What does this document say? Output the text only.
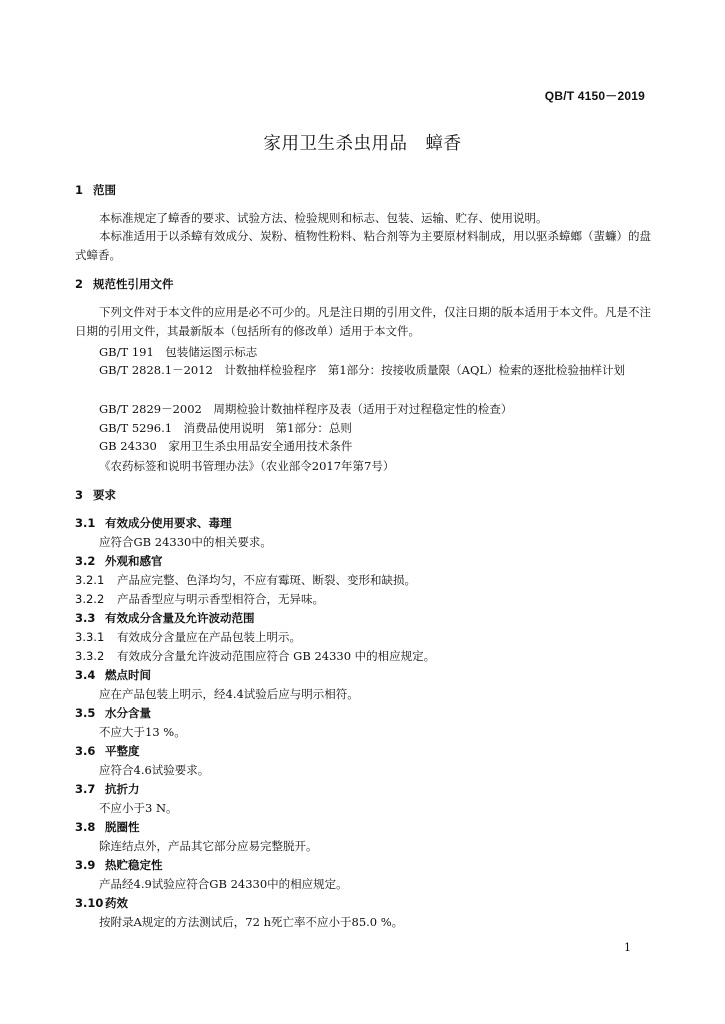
QB/T 4150－2019
家用卫生杀虫用品　蟑香
1 范围
本标准规定了蟑香的要求、试验方法、检验规则和标志、包装、运输、贮存、使用说明。
本标准适用于以杀蟑有效成分、炭粉、植物性粉料、粘合剂等为主要原材料制成，用以驱杀蟑螂（蜚蠊）的盘式蟑香。
2 规范性引用文件
下列文件对于本文件的应用是必不可少的。凡是注日期的引用文件，仅注日期的版本适用于本文件。凡是不注日期的引用文件，其最新版本（包括所有的修改单）适用于本文件。
GB/T 191　包装储运图示标志
GB/T 2828.1－2012　计数抽样检验程序　第1部分：按接收质量限（AQL）检索的逐批检验抽样计划
GB/T 2829－2002　周期检验计数抽样程序及表（适用于对过程稳定性的检查）
GB/T 5296.1　消费品使用说明　第1部分：总则
GB 24330　家用卫生杀虫用品安全通用技术条件
《农药标签和说明书管理办法》（农业部令2017年第7号）
3 要求
3.1 有效成分使用要求、毒理
应符合GB 24330中的相关要求。
3.2 外观和感官
3.2.1 产品应完整、色泽均匀，不应有霉斑、断裂、变形和缺损。
3.2.2 产品香型应与明示香型相符合，无异味。
3.3 有效成分含量及允许波动范围
3.3.1 有效成分含量应在产品包装上明示。
3.3.2 有效成分含量允许波动范围应符合 GB 24330 中的相应规定。
3.4 燃点时间
应在产品包装上明示，经4.4试验后应与明示相符。
3.5 水分含量
不应大于13 %。
3.6 平整度
应符合4.6试验要求。
3.7 抗折力
不应小于3 N。
3.8 脱圈性
除连结点外，产品其它部分应易完整脱开。
3.9 热贮稳定性
产品经4.9试验应符合GB 24330中的相应规定。
3.10 药效
按附录A规定的方法测试后，72 h死亡率不应小于85.0 %。
1
